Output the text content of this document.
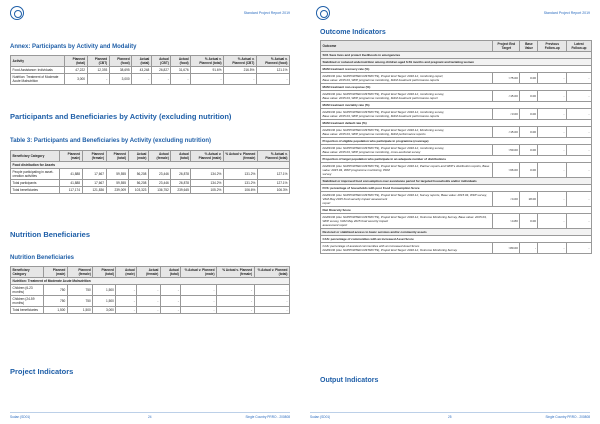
Standard Project Report 2019
Annex: Participants by Activity and Modality
Activity	Planned (total)	Planned (CBT)	Planned (food)	Actual (total)	Actual (CBT)	Actual (food)	% Actual v. Planned (total)	% Actual v. Planned (CBT)	% Actual v. Planned (food)
Food Assistance: Individuals	47,222	12,393	38,695	43,248	26,827	31,676	91.6%	216.5%	121.1%
Nutrition: Treatment of Moderate Acute Malnutrition	3,000	-	3,000	-	-	-	-	-	-
Participants and Beneficiaries by Activity (excluding nutrition)
Table 3: Participants and Beneficiaries by Activity (excluding nutrition)
Beneficiary Category	Planned (male)	Planned (female)	Planned (total)	Actual (male)	Actual (female)	Actual (total)	% Actual v. Planned (male)	% Actual v. Planned (female)	% Actual v. Planned (total)
Food distribution for Assets									
People participating in asset-creation activities	41,888	17,667	59,555	56,208	23,446	26,878	134.2%	131.2%	127.1%
Total participants	41,888	17,667	59,555	56,208	23,446	26,878	134.2%	131.2%	127.1%
Total beneficiaries	117,174	121,836	239,009	103,323	136,752	239,645	105.2%	106.6%	106.3%
Nutrition Beneficiaries
Nutrition Beneficiaries
Beneficiary Category	Planned (male)	Planned (female)	Planned (total)	Actual (male)	Actual (female)	Actual (total)	% Actual v. Planned (male)	% Actual v. Planned (female)	% Actual v. Planned (total)
Nutrition: Treatment of Moderate Acute Malnutrition									
Children (6-23 months)	750	750	1,500	-	-	-	-	-	-
Children (24-59 months)	750	750	1,500	-	-	-	-	-	-
Total beneficiaries	1,500	1,500	3,000	-	-	-	-	-	-
Project Indicators
Sudan (SD01)	24	Single Country PRRO - 200808
Standard Project Report 2019
Outcome Indicators
Outcome	Project End Target	Base Value	Previous Follow-up	Latest Follow-up
SO1 Save lives and protect livelihoods in emergencies				
Stabilized or reduced undernutrition among children aged 6-59 months and pregnant and lactating women				
MAM treatment recovery rate (%)				
DARFUR (ALL SUPPORTED DISTRICTS), Project End Target: 2016.12, monitoring report,
Base value: 2015.04, WFP programme monitoring, MAM treatment performance reports	>75.00	0.00	-	-
MAM treatment non-response (%)				
DARFUR (ALL SUPPORTED DISTRICTS), Project End Target: 2016.12, monitoring survey,
Base value: 2015.04, WFP programme monitoring, MAM treatment performance report	<15.00	0.00	-	-
MAM treatment mortality rate (%)				
DARFUR (ALL SUPPORTED DISTRICTS), Project End Target: 2016.12, monitoring survey,
Base value: 2015.04, WFP programme monitoring, MAM treatment performance reports	<3.00	0.00	-	-
MAM treatment default rate (%)				
DARFUR (ALL SUPPORTED DISTRICTS), Project End Target: 2016.12, Monitoring survey,
Base value: 2015.04, WFP programme monitoring, MAM performance reports	<15.00	0.00	-	-
Proportion of eligible population who participate in programme (coverage)				
DARFUR (ALL SUPPORTED DISTRICTS), Project End Target: 2016.12, monitoring survey,
Base value: 2015.04, WFP programme monitoring, cross-sectional survey	>50.00	0.00	-	-
Proportion of target population who participate in an adequate number of distributions				
DARFUR (ALL SUPPORTED DISTRICTS), Project End Target: 2016.12, Partner reports and WFP's distribution reports, Base value: 2015.04, WFP programme monitoring, PDM
survey	>66.00	0.00	-	-
Stabilized or improved food consumption over assistance period for targeted households and/or individuals				
FCS: percentage of households with poor Food Consumption Score				
DARFUR (ALL SUPPORTED DISTRICTS), Project End Target: 2016.12, Survey reports, Base value: 2015.04, WFP survey, VAM May 2015 food security impact assessment
report	<4.00	18.00	-	-
Diet Diversity Score				
DARFUR (ALL SUPPORTED DISTRICTS), Project End Target: 2016.12, Outcome Monitoring Survey, Base value: 2015.04, WFP survey, VAM May 2015 food security impact
assessment report	>4.80	0.00	-	-
Restored or stabilized access to basic services and/or community assets				
CAS: percentage of communities with an increased Asset Score				
CAS: percentage of assisted communities with an increased Asset Score
DARFUR (ALL SUPPORTED DISTRICTS), Project End Target: 2016.12, Outcome Monitoring Survey	>80.00	-	-	-
Output Indicators
Sudan (SD01)	25	Single Country PRRO - 200808
